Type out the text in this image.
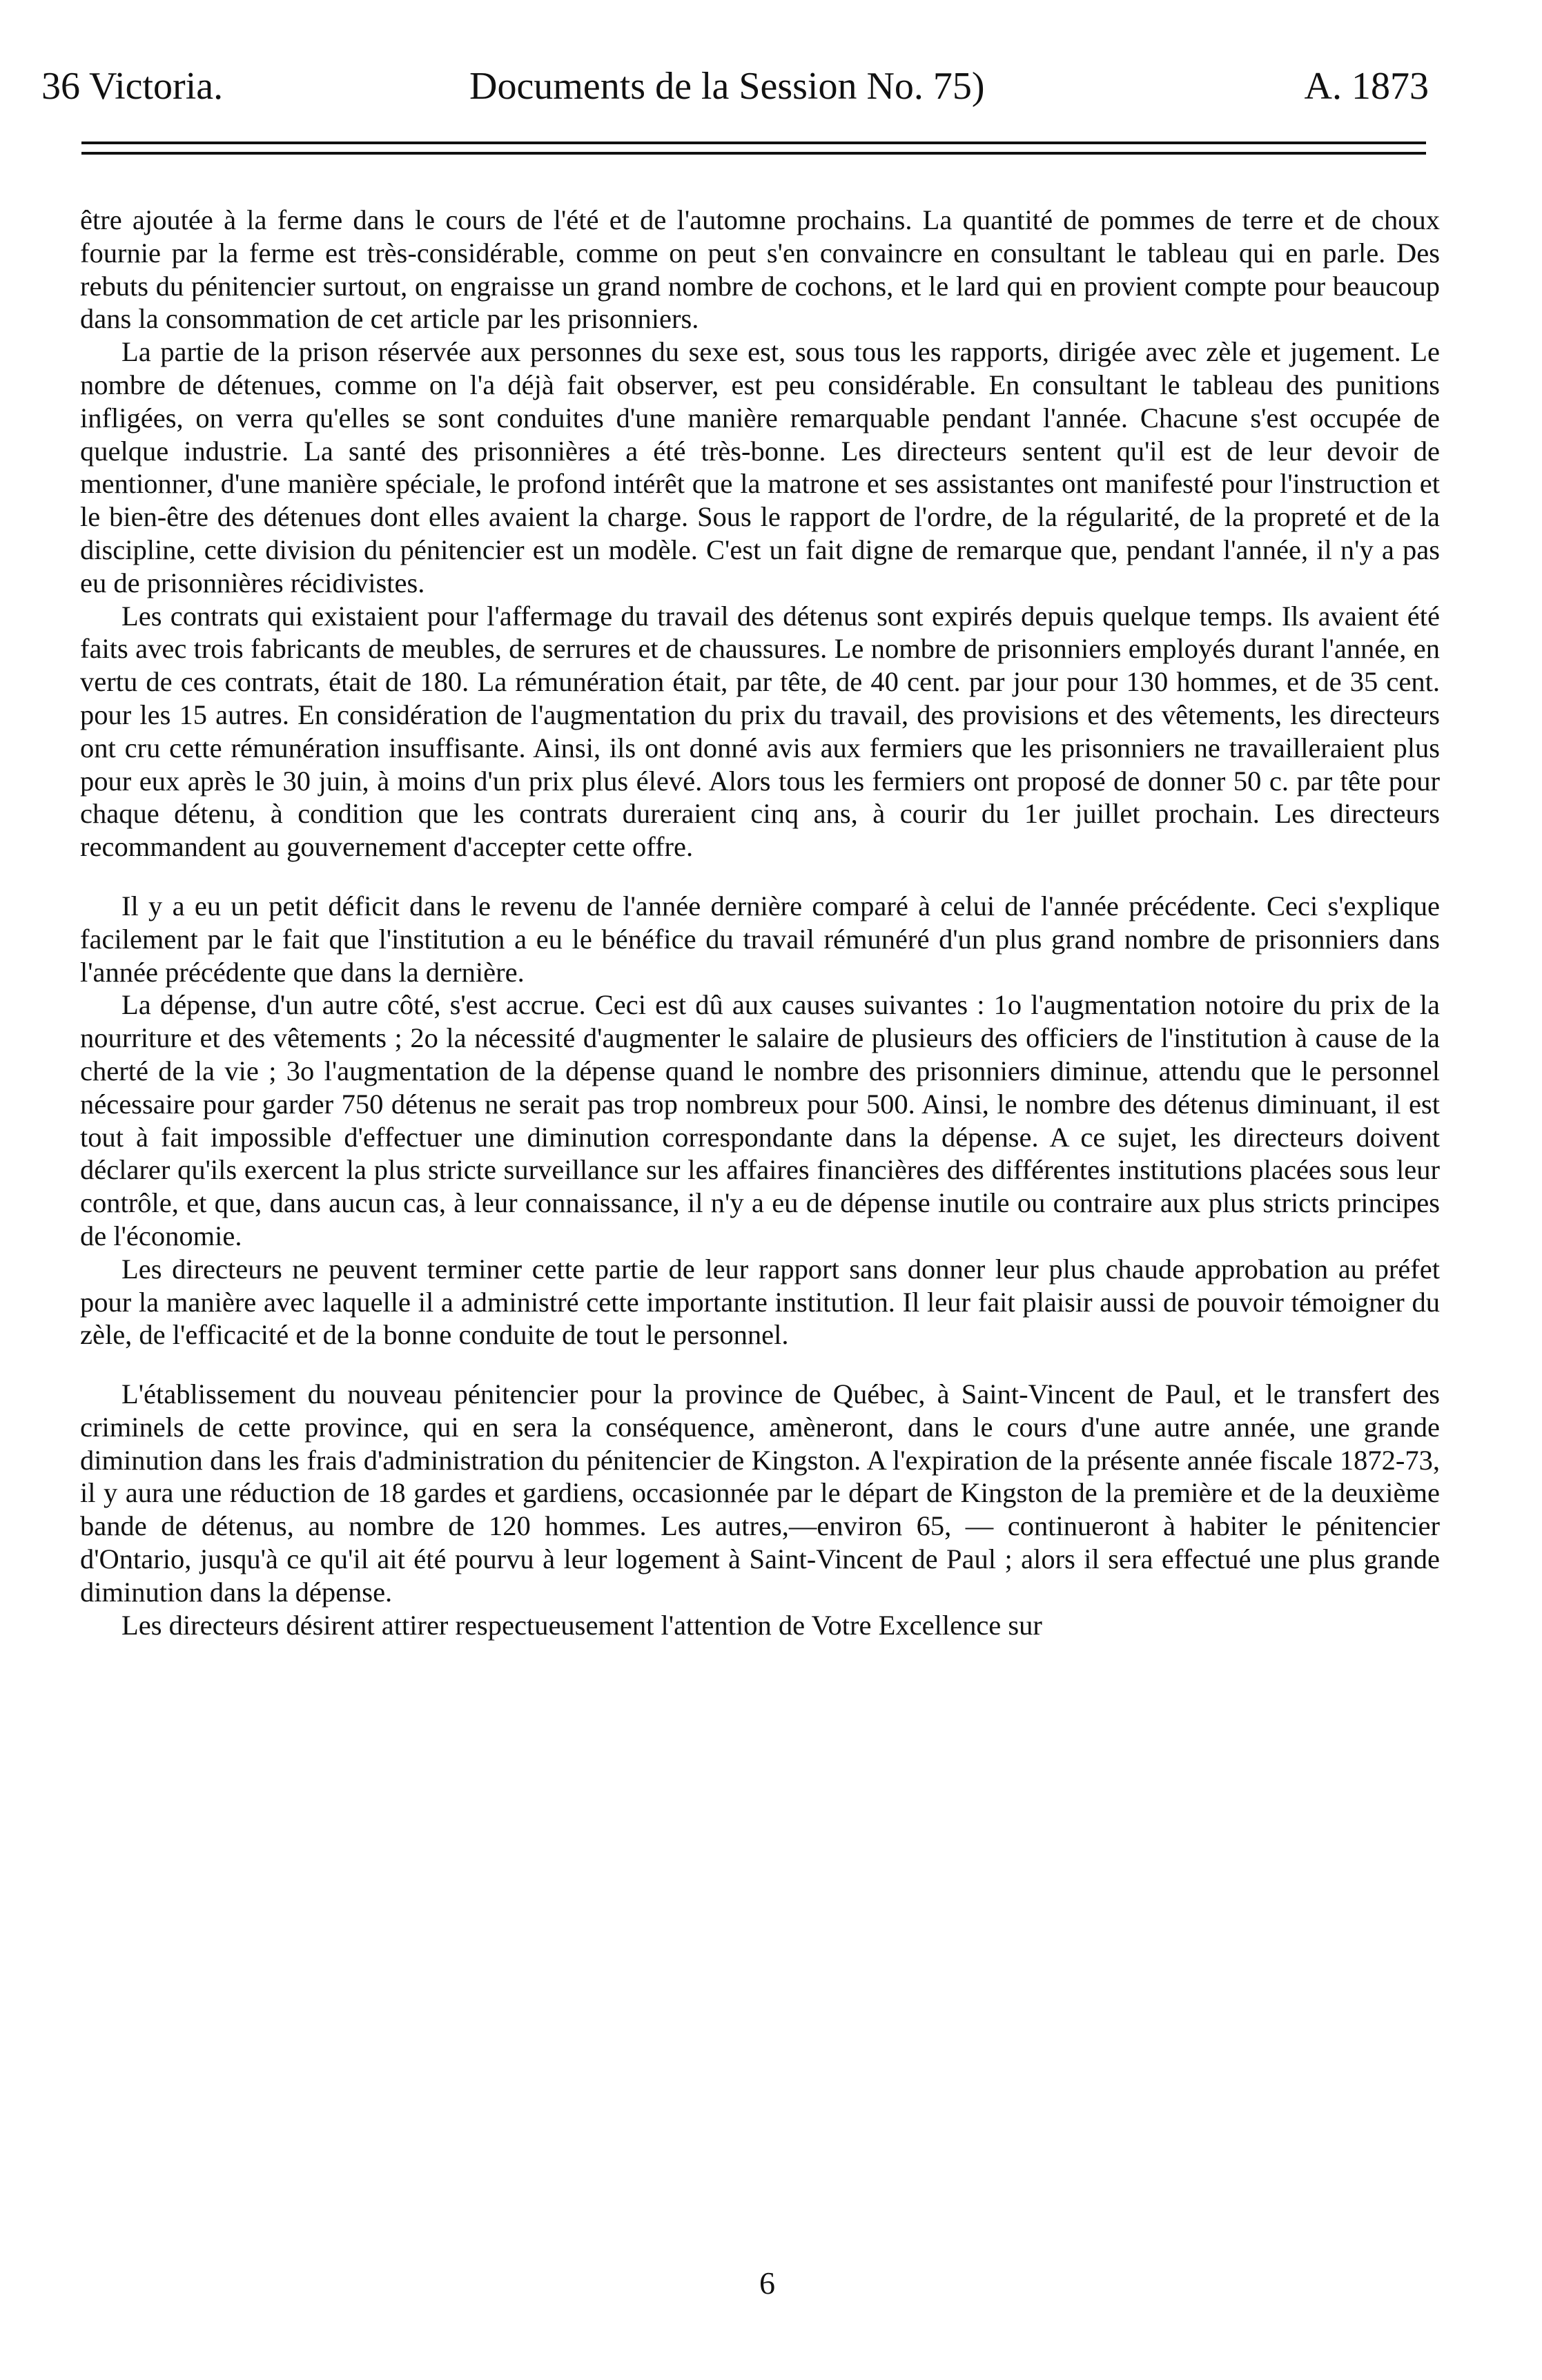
36 Victoria.	Documents de la Session No. 75)	A. 1873

être ajoutée à la ferme dans le cours de l'été et de l'automne prochains. La quantité de pommes de terre et de choux fournie par la ferme est très-considérable, comme on peut s'en convaincre en consultant le tableau qui en parle. Des rebuts du pénitencier surtout, on engraisse un grand nombre de cochons, et le lard qui en provient compte pour beaucoup dans la consommation de cet article par les prisonniers.

La partie de la prison réservée aux personnes du sexe est, sous tous les rapports, dirigée avec zèle et jugement. Le nombre de détenues, comme on l'a déjà fait observer, est peu considérable. En consultant le tableau des punitions infligées, on verra qu'elles se sont conduites d'une manière remarquable pendant l'année. Chacune s'est occupée de quelque industrie. La santé des prisonnières a été très-bonne. Les directeurs sentent qu'il est de leur devoir de mentionner, d'une manière spéciale, le profond intérêt que la matrone et ses assistantes ont manifesté pour l'instruction et le bien-être des détenues dont elles avaient la charge. Sous le rapport de l'ordre, de la régularité, de la propreté et de la discipline, cette division du pénitencier est un modèle. C'est un fait digne de remarque que, pendant l'année, il n'y a pas eu de prisonnières récidivistes.

Les contrats qui existaient pour l'affermage du travail des détenus sont expirés depuis quelque temps. Ils avaient été faits avec trois fabricants de meubles, de serrures et de chaussures. Le nombre de prisonniers employés durant l'année, en vertu de ces contrats, était de 180. La rémunération était, par tête, de 40 cent. par jour pour 130 hommes, et de 35 cent. pour les 15 autres. En considération de l'augmentation du prix du travail, des provisions et des vêtements, les directeurs ont cru cette rémunération insuffisante. Ainsi, ils ont donné avis aux fermiers que les prisonniers ne travailleraient plus pour eux après le 30 juin, à moins d'un prix plus élevé. Alors tous les fermiers ont proposé de donner 50 c. par tête pour chaque détenu, à condition que les contrats dureraient cinq ans, à courir du 1er juillet prochain. Les directeurs recommandent au gouvernement d'accepter cette offre.

Il y a eu un petit déficit dans le revenu de l'année dernière comparé à celui de l'année précédente. Ceci s'explique facilement par le fait que l'institution a eu le bénéfice du travail rémunéré d'un plus grand nombre de prisonniers dans l'année précédente que dans la dernière.

La dépense, d'un autre côté, s'est accrue. Ceci est dû aux causes suivantes : 1o l'augmentation notoire du prix de la nourriture et des vêtements ; 2o la nécessité d'augmenter le salaire de plusieurs des officiers de l'institution à cause de la cherté de la vie ; 3o l'augmentation de la dépense quand le nombre des prisonniers diminue, attendu que le personnel nécessaire pour garder 750 détenus ne serait pas trop nombreux pour 500. Ainsi, le nombre des détenus diminuant, il est tout à fait impossible d'effectuer une diminution correspondante dans la dépense. A ce sujet, les directeurs doivent déclarer qu'ils exercent la plus stricte surveillance sur les affaires financières des différentes institutions placées sous leur contrôle, et que, dans aucun cas, à leur connaissance, il n'y a eu de dépense inutile ou contraire aux plus stricts principes de l'économie.

Les directeurs ne peuvent terminer cette partie de leur rapport sans donner leur plus chaude approbation au préfet pour la manière avec laquelle il a administré cette importante institution. Il leur fait plaisir aussi de pouvoir témoigner du zèle, de l'efficacité et de la bonne conduite de tout le personnel.

L'établissement du nouveau pénitencier pour la province de Québec, à Saint-Vincent de Paul, et le transfert des criminels de cette province, qui en sera la conséquence, amèneront, dans le cours d'une autre année, une grande diminution dans les frais d'administration du pénitencier de Kingston. A l'expiration de la présente année fiscale 1872-73, il y aura une réduction de 18 gardes et gardiens, occasionnée par le départ de Kingston de la première et de la deuxième bande de détenus, au nombre de 120 hommes. Les autres,—environ 65, — continueront à habiter le pénitencier d'Ontario, jusqu'à ce qu'il ait été pourvu à leur logement à Saint-Vincent de Paul ; alors il sera effectué une plus grande diminution dans la dépense.

Les directeurs désirent attirer respectueusement l'attention de Votre Excellence sur

6
